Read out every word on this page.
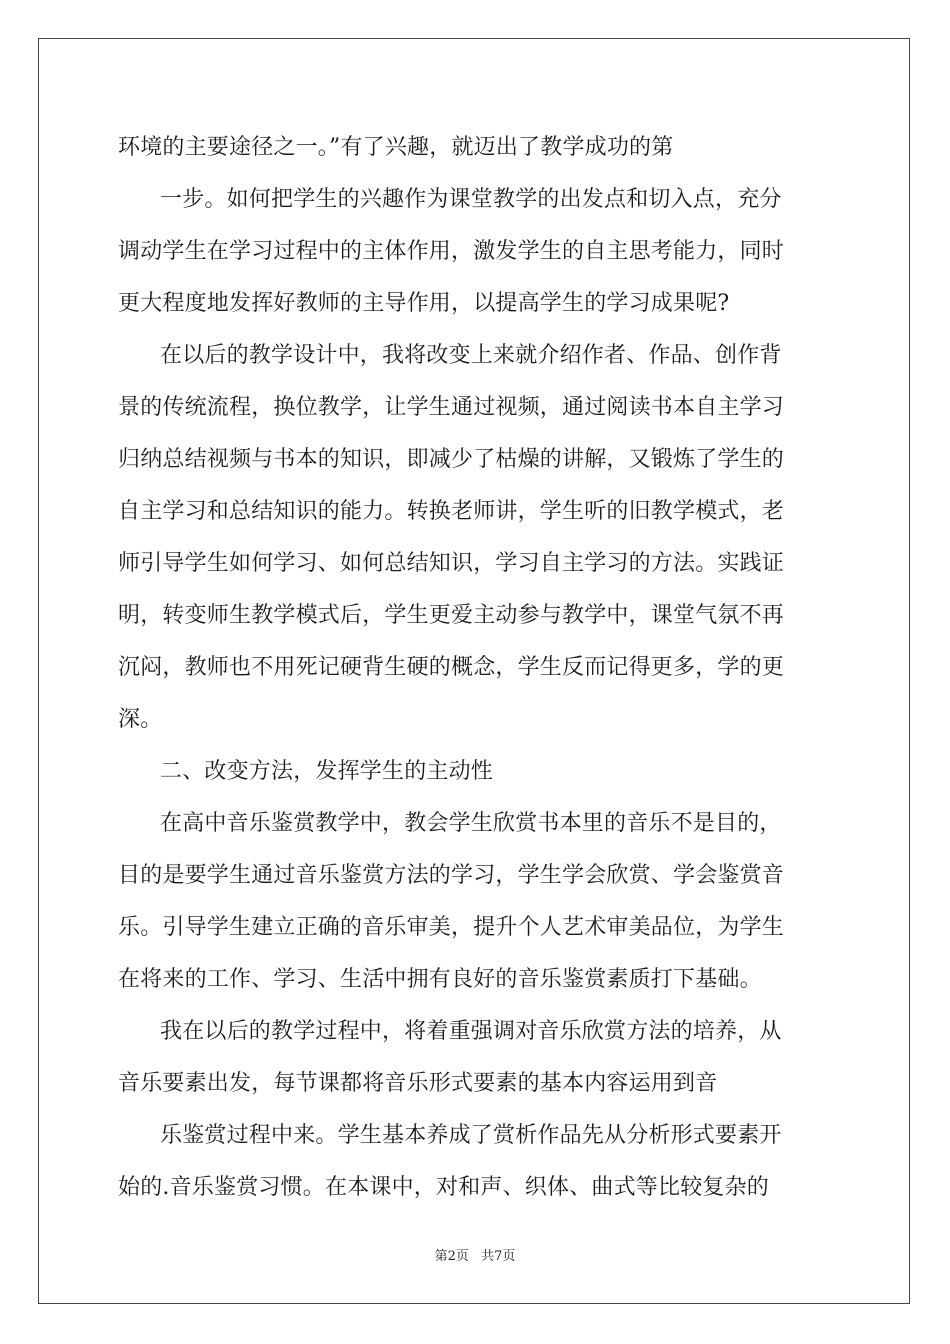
环境的主要途径之一。”有了兴趣，就迈出了教学成功的第
一步。如何把学生的兴趣作为课堂教学的出发点和切入点，充分
调动学生在学习过程中的主体作用，激发学生的自主思考能力，同时
更大程度地发挥好教师的主导作用，以提高学生的学习成果呢?
在以后的教学设计中，我将改变上来就介绍作者、作品、创作背
景的传统流程，换位教学，让学生通过视频，通过阅读书本自主学习
归纳总结视频与书本的知识，即减少了枯燥的讲解，又锻炼了学生的
自主学习和总结知识的能力。转换老师讲，学生听的旧教学模式，老
师引导学生如何学习、如何总结知识，学习自主学习的方法。实践证
明，转变师生教学模式后，学生更爱主动参与教学中，课堂气氛不再
沉闷，教师也不用死记硬背生硬的概念，学生反而记得更多，学的更
深。
二、改变方法，发挥学生的主动性
在高中音乐鉴赏教学中，教会学生欣赏书本里的音乐不是目的，
目的是要学生通过音乐鉴赏方法的学习，学生学会欣赏、学会鉴赏音
乐。引导学生建立正确的音乐审美，提升个人艺术审美品位，为学生
在将来的工作、学习、生活中拥有良好的音乐鉴赏素质打下基础。
我在以后的教学过程中，将着重强调对音乐欣赏方法的培养，从
音乐要素出发，每节课都将音乐形式要素的基本内容运用到音
乐鉴赏过程中来。学生基本养成了赏析作品先从分析形式要素开
始的.音乐鉴赏习惯。在本课中，对和声、织体、曲式等比较复杂的
第2页 共7页
